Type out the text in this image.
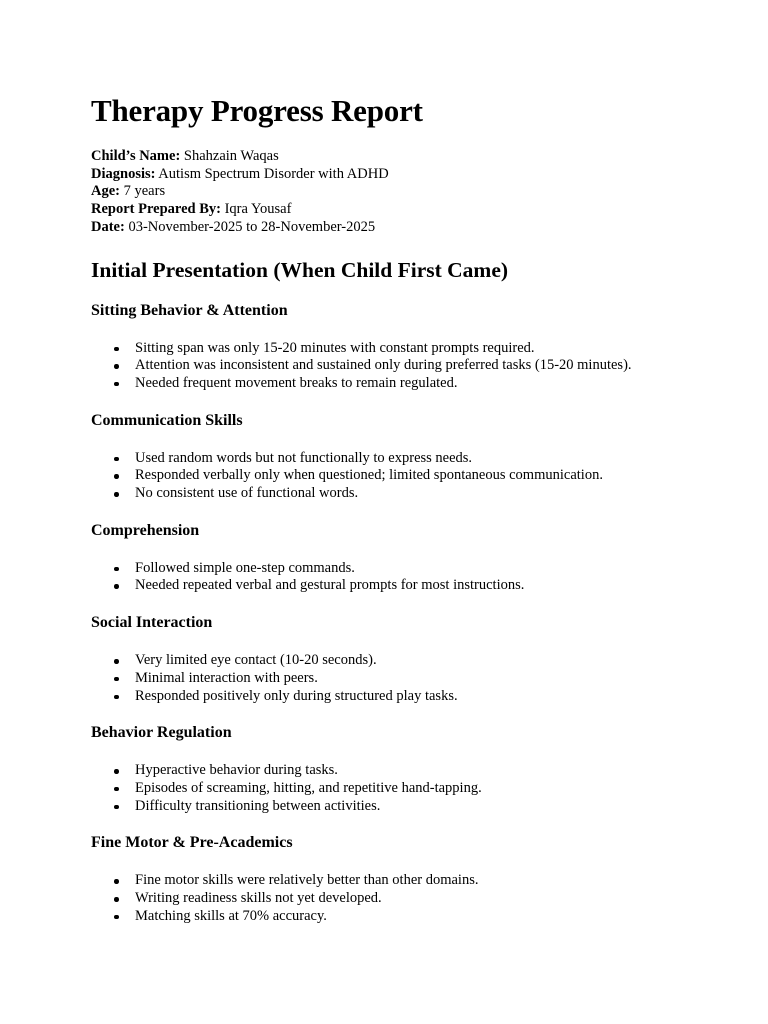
Therapy Progress Report
Child’s Name: Shahzain Waqas
Diagnosis: Autism Spectrum Disorder with ADHD
Age: 7 years
Report Prepared By: Iqra Yousaf
Date: 03-November-2025 to 28-November-2025
Initial Presentation (When Child First Came)
Sitting Behavior & Attention
Sitting span was only 15-20 minutes with constant prompts required.
Attention was inconsistent and sustained only during preferred tasks (15-20 minutes).
Needed frequent movement breaks to remain regulated.
Communication Skills
Used random words but not functionally to express needs.
Responded verbally only when questioned; limited spontaneous communication.
No consistent use of functional words.
Comprehension
Followed simple one-step commands.
Needed repeated verbal and gestural prompts for most instructions.
Social Interaction
Very limited eye contact (10-20 seconds).
Minimal interaction with peers.
Responded positively only during structured play tasks.
Behavior Regulation
Hyperactive behavior during tasks.
Episodes of screaming, hitting, and repetitive hand-tapping.
Difficulty transitioning between activities.
Fine Motor & Pre-Academics
Fine motor skills were relatively better than other domains.
Writing readiness skills not yet developed.
Matching skills at 70% accuracy.
